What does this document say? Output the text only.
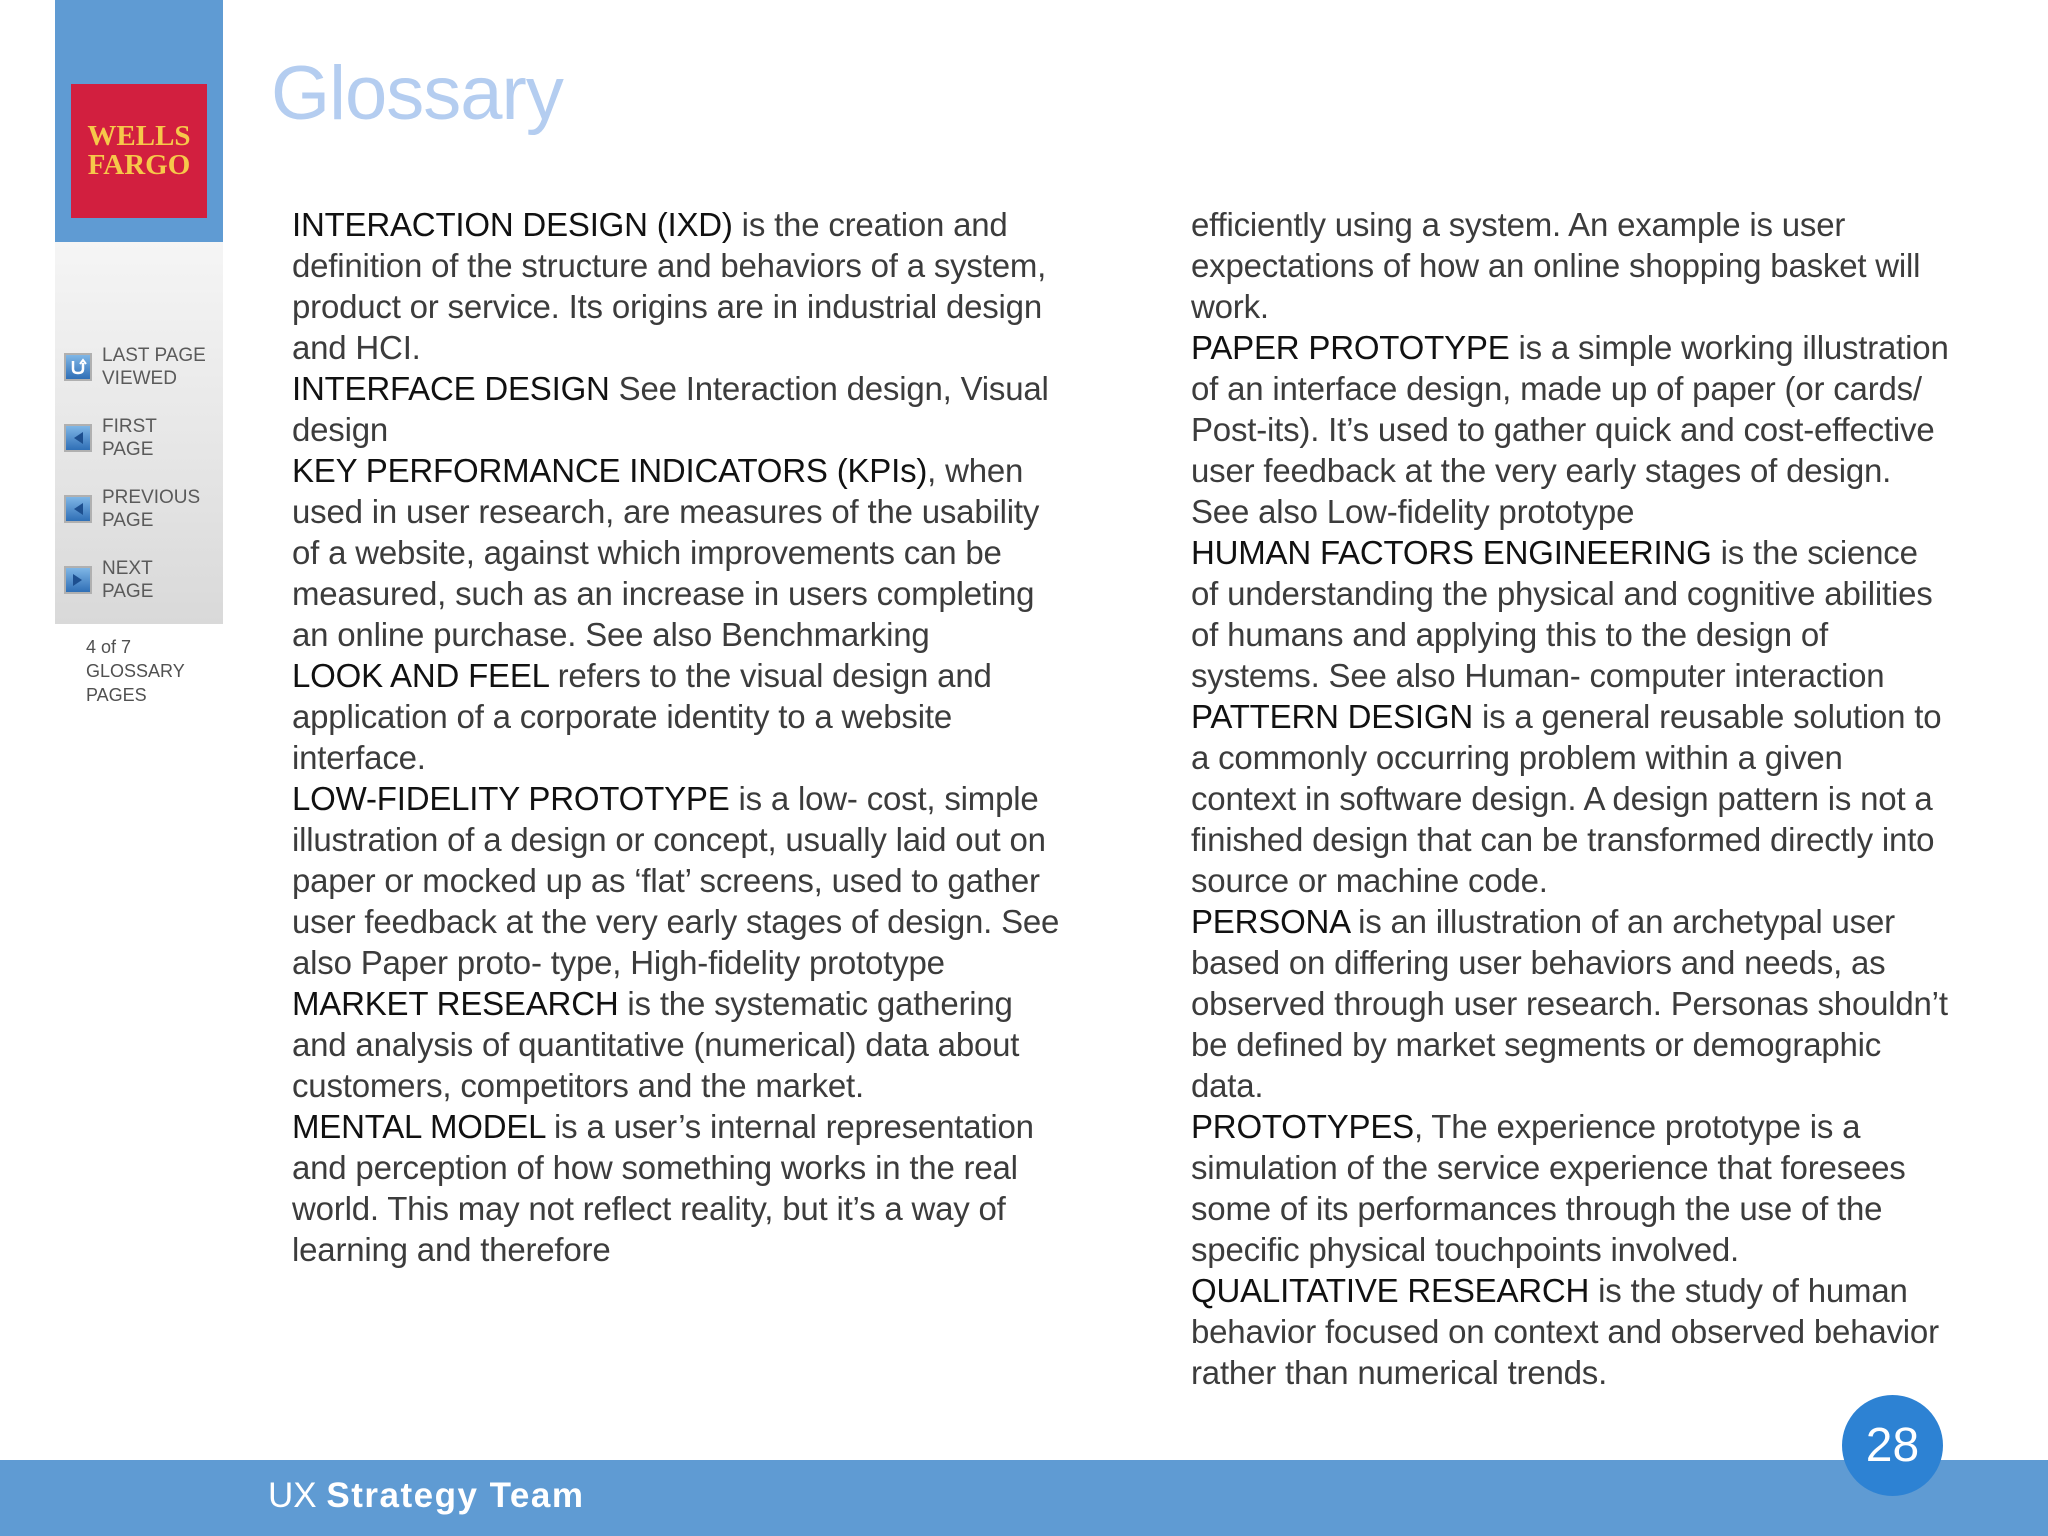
WELLS
FARGO
LAST PAGE
VIEWED
FIRST
PAGE
PREVIOUS
PAGE
NEXT
PAGE
4 of 7
GLOSSARY
PAGES
Glossary

INTERACTION DESIGN (IXD) is the creation and definition of the structure and behaviors of a system, product or service. Its origins are in industrial design and HCI.

INTERFACE DESIGN See Interaction design, Visual design

KEY PERFORMANCE INDICATORS (KPIs), when used in user research, are measures of the usability of a website, against which improvements can be measured, such as an increase in users completing an online purchase. See also Benchmarking

LOOK AND FEEL refers to the visual design and application of a corporate identity to a website interface.

LOW-FIDELITY PROTOTYPE is a low- cost, simple illustration of a design or concept, usually laid out on paper or mocked up as ‘flat’ screens, used to gather user feedback at the very early stages of design. See also Paper proto- type, High-fidelity prototype

MARKET RESEARCH is the systematic gathering and analysis of quantitative (numerical) data about customers, competitors and the market.

MENTAL MODEL is a user’s internal representation and perception of how something works in the real world. This may not reflect reality, but it’s a way of learning and therefore

efficiently using a system. An example is user expectations of how an online shopping basket will work.

PAPER PROTOTYPE is a simple working illustration of an interface design, made up of paper (or cards/ Post-its). It’s used to gather quick and cost-effective user feedback at the very early stages of design. See also Low-fidelity prototype

HUMAN FACTORS ENGINEERING is the science of understanding the physical and cognitive abilities of humans and applying this to the design of systems. See also Human- computer interaction

PATTERN DESIGN is a general reusable solution to a commonly occurring problem within a given context in software design. A design pattern is not a finished design that can be transformed directly into source or machine code.

PERSONA is an illustration of an archetypal user based on differing user behaviors and needs, as observed through user research. Personas shouldn’t be defined by market segments or demographic data.

PROTOTYPES, The experience prototype is a simulation of the service experience that foresees some of its performances through the use of the specific physical touchpoints involved.

QUALITATIVE RESEARCH is the study of human behavior focused on context and observed behavior rather than numerical trends.

UX Strategy Team
28
